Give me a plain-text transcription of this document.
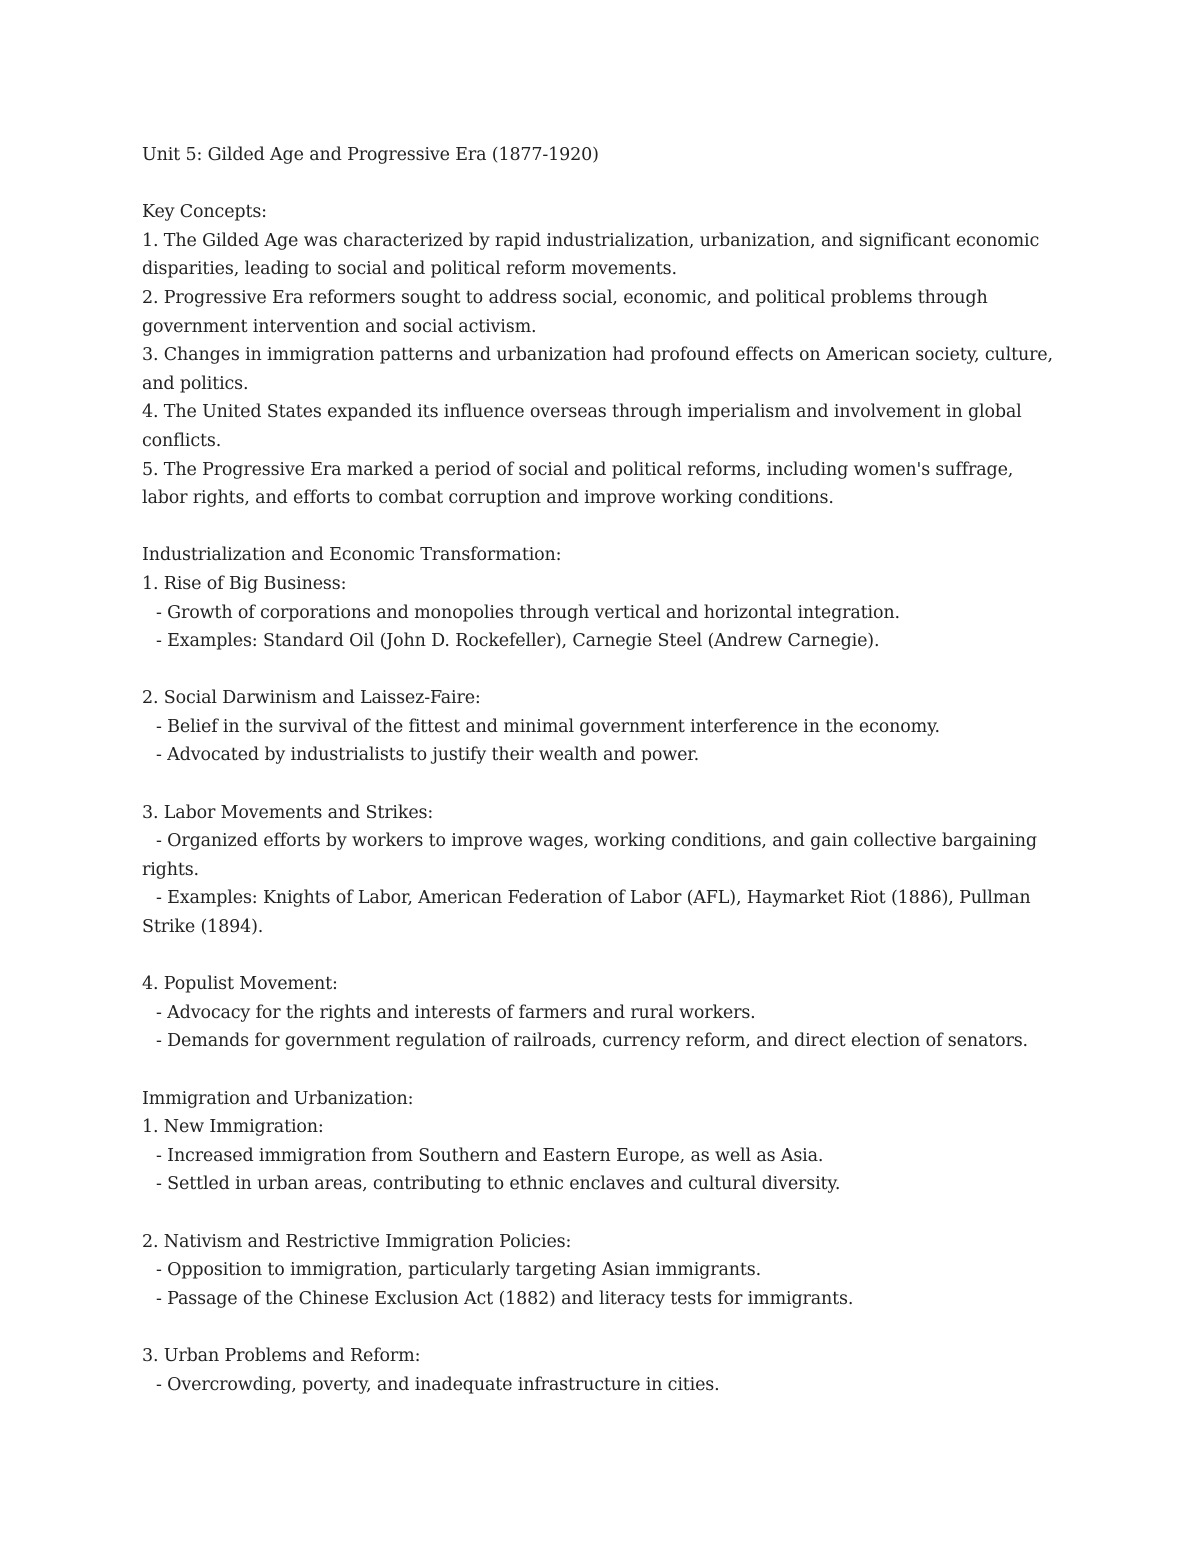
Unit 5: Gilded Age and Progressive Era (1877-1920)

Key Concepts:

1. The Gilded Age was characterized by rapid industrialization, urbanization, and significant economic disparities, leading to social and political reform movements.

2. Progressive Era reformers sought to address social, economic, and political problems through government intervention and social activism.

3. Changes in immigration patterns and urbanization had profound effects on American society, culture, and politics.

4. The United States expanded its influence overseas through imperialism and involvement in global conflicts.

5. The Progressive Era marked a period of social and political reforms, including women's suffrage, labor rights, and efforts to combat corruption and improve working conditions.

Industrialization and Economic Transformation:

1. Rise of Big Business:

- Growth of corporations and monopolies through vertical and horizontal integration.

- Examples: Standard Oil (John D. Rockefeller), Carnegie Steel (Andrew Carnegie).

2. Social Darwinism and Laissez-Faire:

- Belief in the survival of the fittest and minimal government interference in the economy.

- Advocated by industrialists to justify their wealth and power.

3. Labor Movements and Strikes:

- Organized efforts by workers to improve wages, working conditions, and gain collective bargaining rights.

- Examples: Knights of Labor, American Federation of Labor (AFL), Haymarket Riot (1886), Pullman Strike (1894).

4. Populist Movement:

- Advocacy for the rights and interests of farmers and rural workers.

- Demands for government regulation of railroads, currency reform, and direct election of senators.

Immigration and Urbanization:

1. New Immigration:

- Increased immigration from Southern and Eastern Europe, as well as Asia.

- Settled in urban areas, contributing to ethnic enclaves and cultural diversity.

2. Nativism and Restrictive Immigration Policies:

- Opposition to immigration, particularly targeting Asian immigrants.

- Passage of the Chinese Exclusion Act (1882) and literacy tests for immigrants.

3. Urban Problems and Reform:

- Overcrowding, poverty, and inadequate infrastructure in cities.
